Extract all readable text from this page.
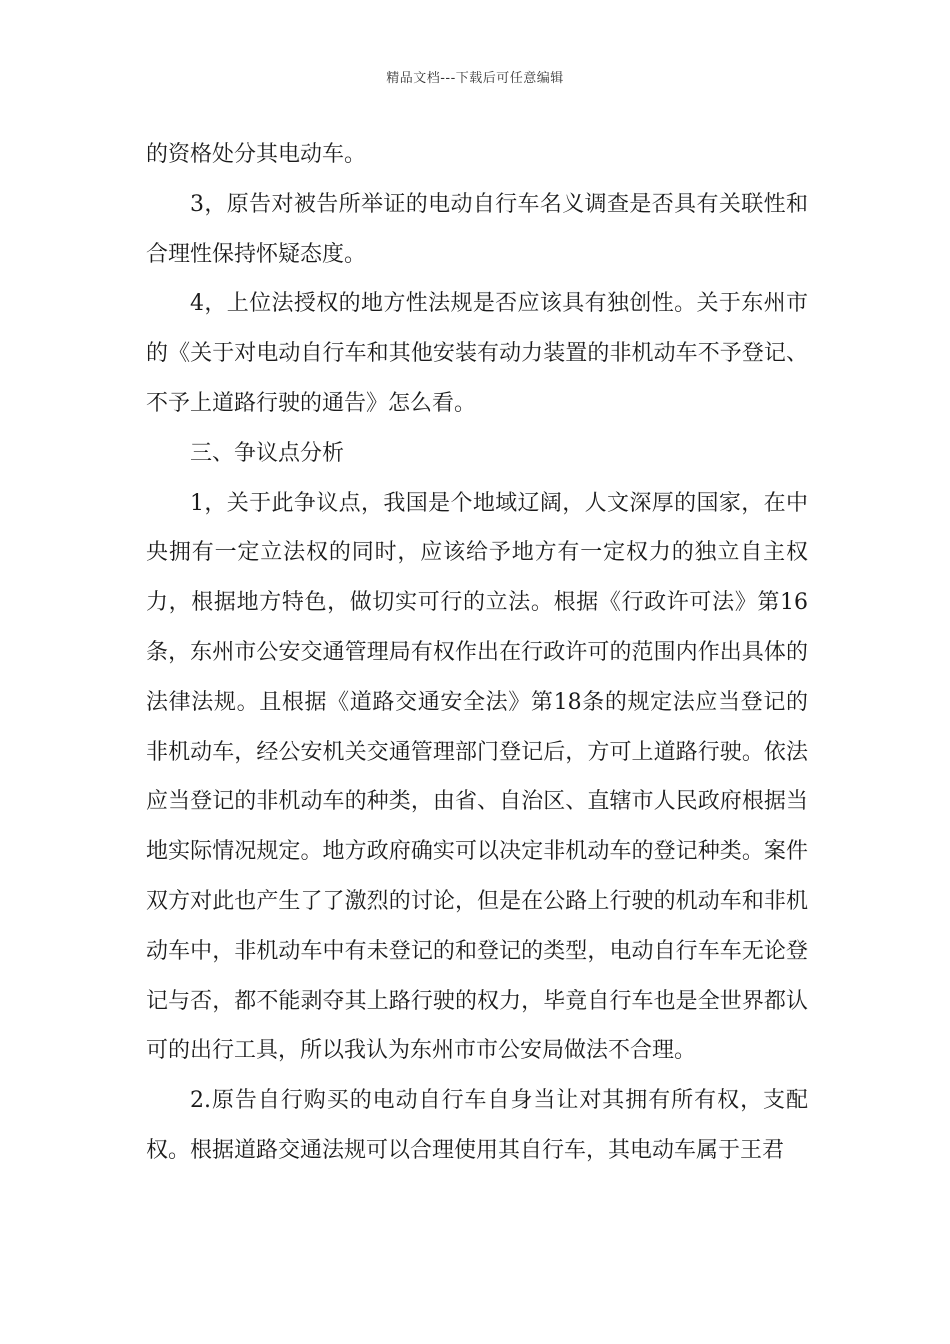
精品文档---下载后可任意编辑

的资格处分其电动车。

3，原告对被告所举证的电动自行车名义调查是否具有关联性和合理性保持怀疑态度。

4，上位法授权的地方性法规是否应该具有独创性。关于东州市的《关于对电动自行车和其他安装有动力装置的非机动车不予登记、不予上道路行驶的通告》怎么看。

三、争议点分析

1，关于此争议点，我国是个地域辽阔，人文深厚的国家，在中央拥有一定立法权的同时，应该给予地方有一定权力的独立自主权力，根据地方特色，做切实可行的立法。根据《行政许可法》第16条，东州市公安交通管理局有权作出在行政许可的范围内作出具体的法律法规。且根据《道路交通安全法》第18条的规定法应当登记的非机动车，经公安机关交通管理部门登记后，方可上道路行驶。依法应当登记的非机动车的种类，由省、自治区、直辖市人民政府根据当地实际情况规定。地方政府确实可以决定非机动车的登记种类。案件双方对此也产生了了激烈的讨论，但是在公路上行驶的机动车和非机动车中，非机动车中有未登记的和登记的类型，电动自行车车无论登记与否，都不能剥夺其上路行驶的权力，毕竟自行车也是全世界都认可的出行工具，所以我认为东州市市公安局做法不合理。

2.原告自行购买的电动自行车自身当让对其拥有所有权，支配权。根据道路交通法规可以合理使用其自行车，其电动车属于王君
